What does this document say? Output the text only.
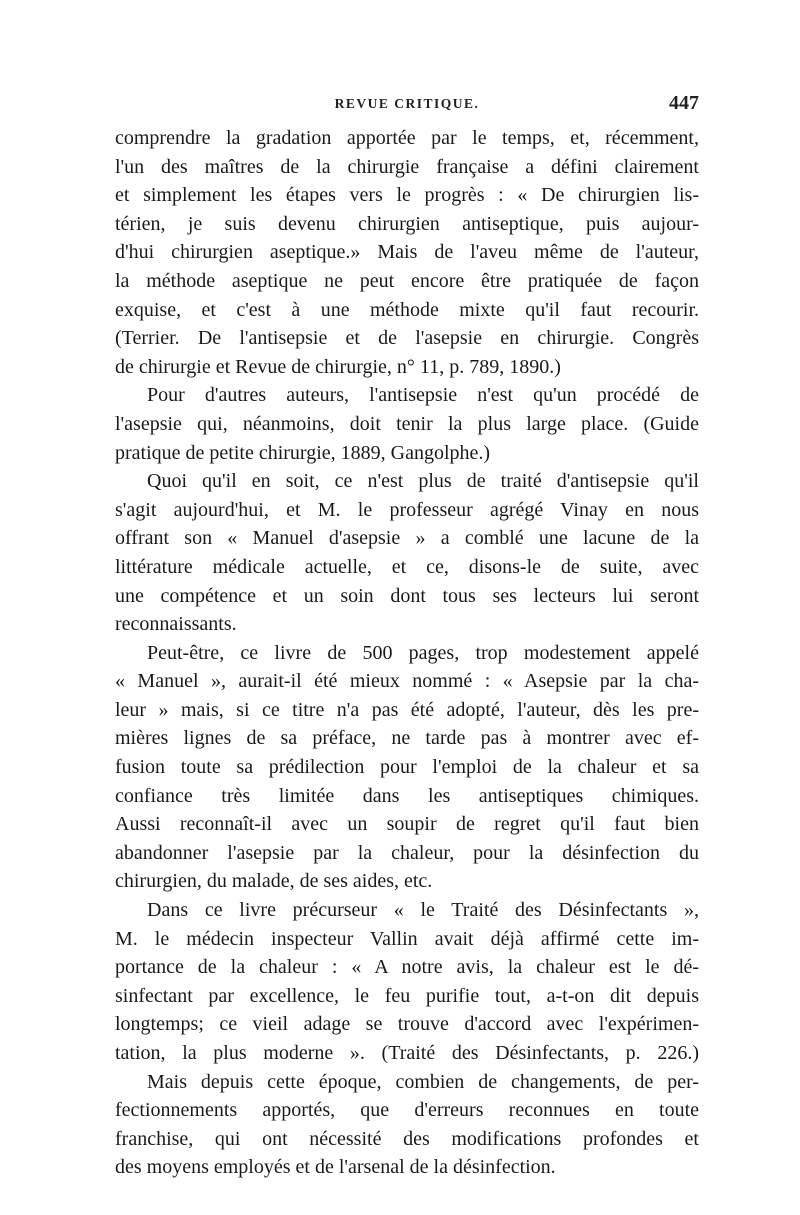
REVUE CRITIQUE.	447
comprendre la gradation apportée par le temps, et, récemment,
l'un des maîtres de la chirurgie française a défini clairement
et simplement les étapes vers le progrès : « De chirurgien lis-
térien, je suis devenu chirurgien antiseptique, puis aujour-
d'hui chirurgien aseptique.» Mais de l'aveu même de l'auteur,
la méthode aseptique ne peut encore être pratiquée de façon
exquise, et c'est à une méthode mixte qu'il faut recourir.
(Terrier. De l'antisepsie et de l'asepsie en chirurgie. Congrès
de chirurgie et Revue de chirurgie, n° 11, p. 789, 1890.)
Pour d'autres auteurs, l'antisepsie n'est qu'un procédé de
l'asepsie qui, néanmoins, doit tenir la plus large place. (Guide
pratique de petite chirurgie, 1889, Gangolphe.)
Quoi qu'il en soit, ce n'est plus de traité d'antisepsie qu'il
s'agit aujourd'hui, et M. le professeur agrégé Vinay en nous
offrant son « Manuel d'asepsie » a comblé une lacune de la
littérature médicale actuelle, et ce, disons-le de suite, avec
une compétence et un soin dont tous ses lecteurs lui seront
reconnaissants.
Peut-être, ce livre de 500 pages, trop modestement appelé
« Manuel », aurait-il été mieux nommé : « Asepsie par la cha-
leur » mais, si ce titre n'a pas été adopté, l'auteur, dès les pre-
mières lignes de sa préface, ne tarde pas à montrer avec ef-
fusion toute sa prédilection pour l'emploi de la chaleur et sa
confiance très limitée dans les antiseptiques chimiques.
Aussi reconnaît-il avec un soupir de regret qu'il faut bien
abandonner l'asepsie par la chaleur, pour la désinfection du
chirurgien, du malade, de ses aides, etc.
Dans ce livre précurseur « le Traité des Désinfectants »,
M. le médecin inspecteur Vallin avait déjà affirmé cette im-
portance de la chaleur : « A notre avis, la chaleur est le dé-
sinfectant par excellence, le feu purifie tout, a-t-on dit depuis
longtemps; ce vieil adage se trouve d'accord avec l'expérimen-
tation, la plus moderne ». (Traité des Désinfectants, p. 226.)
Mais depuis cette époque, combien de changements, de per-
fectionnements apportés, que d'erreurs reconnues en toute
franchise, qui ont nécessité des modifications profondes et
des moyens employés et de l'arsenal de la désinfection.
